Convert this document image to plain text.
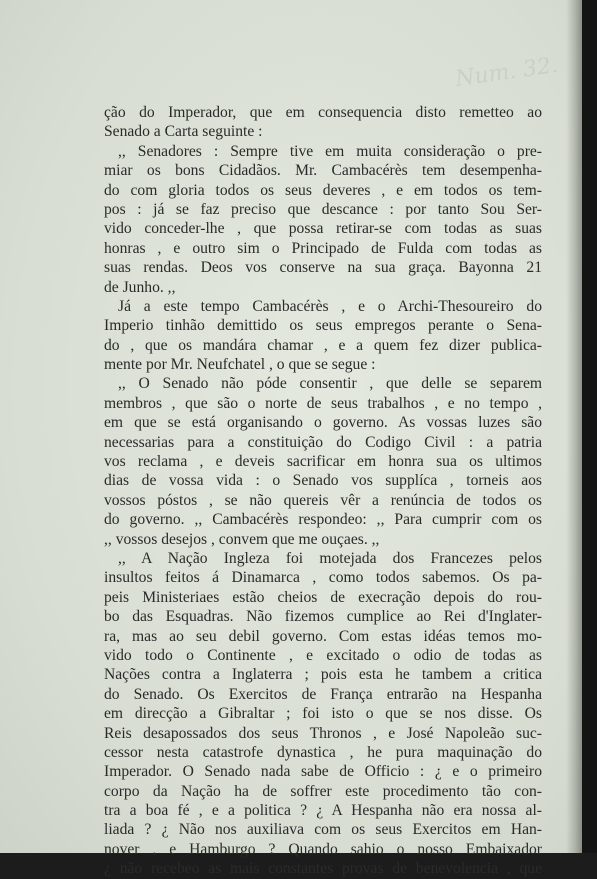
Num. 32.
ção do Imperador, que em consequencia disto remetteo ao
Senado a Carta seguinte :
,, Senadores : Sempre tive em muita consideração o pre-
miar os bons Cidadãos. Mr. Cambacérès tem desempenha-
do com gloria todos os seus deveres , e em todos os tem-
pos : já se faz preciso que descance : por tanto Sou Ser-
vido conceder-lhe , que possa retirar-se com todas as suas
honras , e outro sim o Principado de Fulda com todas as
suas rendas. Deos vos conserve na sua graça. Bayonna 21
de Junho. ,,
Já a este tempo Cambacérès , e o Archi-Thesoureiro do
Imperio tinhão demittido os seus empregos perante o Sena-
do , que os mandára chamar , e a quem fez dizer publica-
mente por Mr. Neufchatel , o que se segue :
,, O Senado não póde consentir , que delle se separem
membros , que são o norte de seus trabalhos , e no tempo ,
em que se está organisando o governo. As vossas luzes são
necessarias para a constituição do Codigo Civil : a patria
vos reclama , e deveis sacrificar em honra sua os ultimos
dias de vossa vida : o Senado vos supplíca , torneis aos
vossos póstos , se não quereis vêr a renúncia de todos os
do governo. ,, Cambacérès respondeo: ,, Para cumprir com os
,, vossos desejos , convem que me ouçaes. ,,
,, A Nação Ingleza foi motejada dos Francezes pelos
insultos feitos á Dinamarca , como todos sabemos. Os pa-
peis Ministeriaes estão cheios de execração depois do rou-
bo das Esquadras. Não fizemos cumplice ao Rei d'Inglater-
ra, mas ao seu debil governo. Com estas idéas temos mo-
vido todo o Continente , e excitado o odio de todas as
Nações contra a Inglaterra ; pois esta he tambem a critica
do Senado. Os Exercitos de França entrarão na Hespanha
em direcção a Gibraltar ; foi isto o que se nos disse. Os
Reis desapossados dos seus Thronos , e José Napoleão suc-
cessor nesta catastrofe dynastica , he pura maquinação do
Imperador. O Senado nada sabe de Officio : ¿ e o primeiro
corpo da Nação ha de soffrer este procedimento tão con-
tra a boa fé , e a politica ? ¿ A Hespanha não era nossa al-
liada ? ¿ Não nos auxiliava com os seus Exercitos em Han-
nover , e Hamburgo ? Quando sahio o nosso Embaixador
¿ não recebeo as mais constantes provas de benevolencia , que
